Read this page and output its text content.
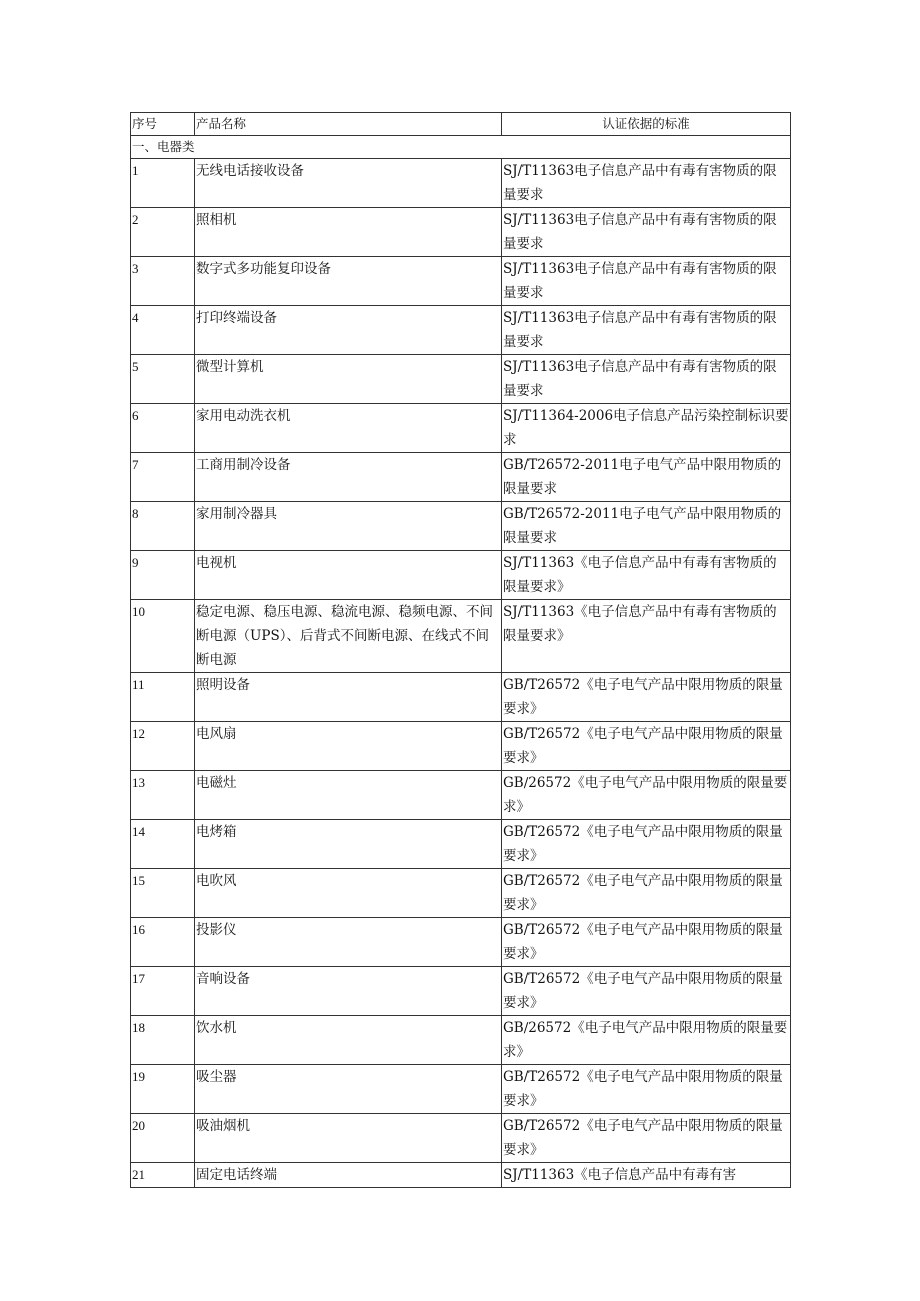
序号	产品名称	认证依据的标准
一、电器类		
1	无线电话接收设备	SJ/T11363电子信息产品中有毒有害物质的限量要求
2	照相机	SJ/T11363电子信息产品中有毒有害物质的限量要求
3	数字式多功能复印设备	SJ/T11363电子信息产品中有毒有害物质的限量要求
4	打印终端设备	SJ/T11363电子信息产品中有毒有害物质的限量要求
5	微型计算机	SJ/T11363电子信息产品中有毒有害物质的限量要求
6	家用电动洗衣机	SJ/T11364-2006电子信息产品污染控制标识要求
7	工商用制冷设备	GB/T26572-2011电子电气产品中限用物质的限量要求
8	家用制冷器具	GB/T26572-2011电子电气产品中限用物质的限量要求
9	电视机	SJ/T11363《电子信息产品中有毒有害物质的限量要求》
10	稳定电源、稳压电源、稳流电源、稳频电源、不间断电源（UPS）、后背式不间断电源、在线式不间断电源	SJ/T11363《电子信息产品中有毒有害物质的限量要求》
11	照明设备	GB/T26572《电子电气产品中限用物质的限量要求》
12	电风扇	GB/T26572《电子电气产品中限用物质的限量要求》
13	电磁灶	GB∕26572《电子电气产品中限用物质的限量要求》
14	电烤箱	GB/T26572《电子电气产品中限用物质的限量要求》
15	电吹风	GB/T26572《电子电气产品中限用物质的限量要求》
16	投影仪	GB/T26572《电子电气产品中限用物质的限量要求》
17	音响设备	GB/T26572《电子电气产品中限用物质的限量要求》
18	饮水机	GB∕26572《电子电气产品中限用物质的限量要求》
19	吸尘器	GB/T26572《电子电气产品中限用物质的限量要求》
20	吸油烟机	GB/T26572《电子电气产品中限用物质的限量要求》
21	固定电话终端	SJ/T11363《电子信息产品中有毒有害
